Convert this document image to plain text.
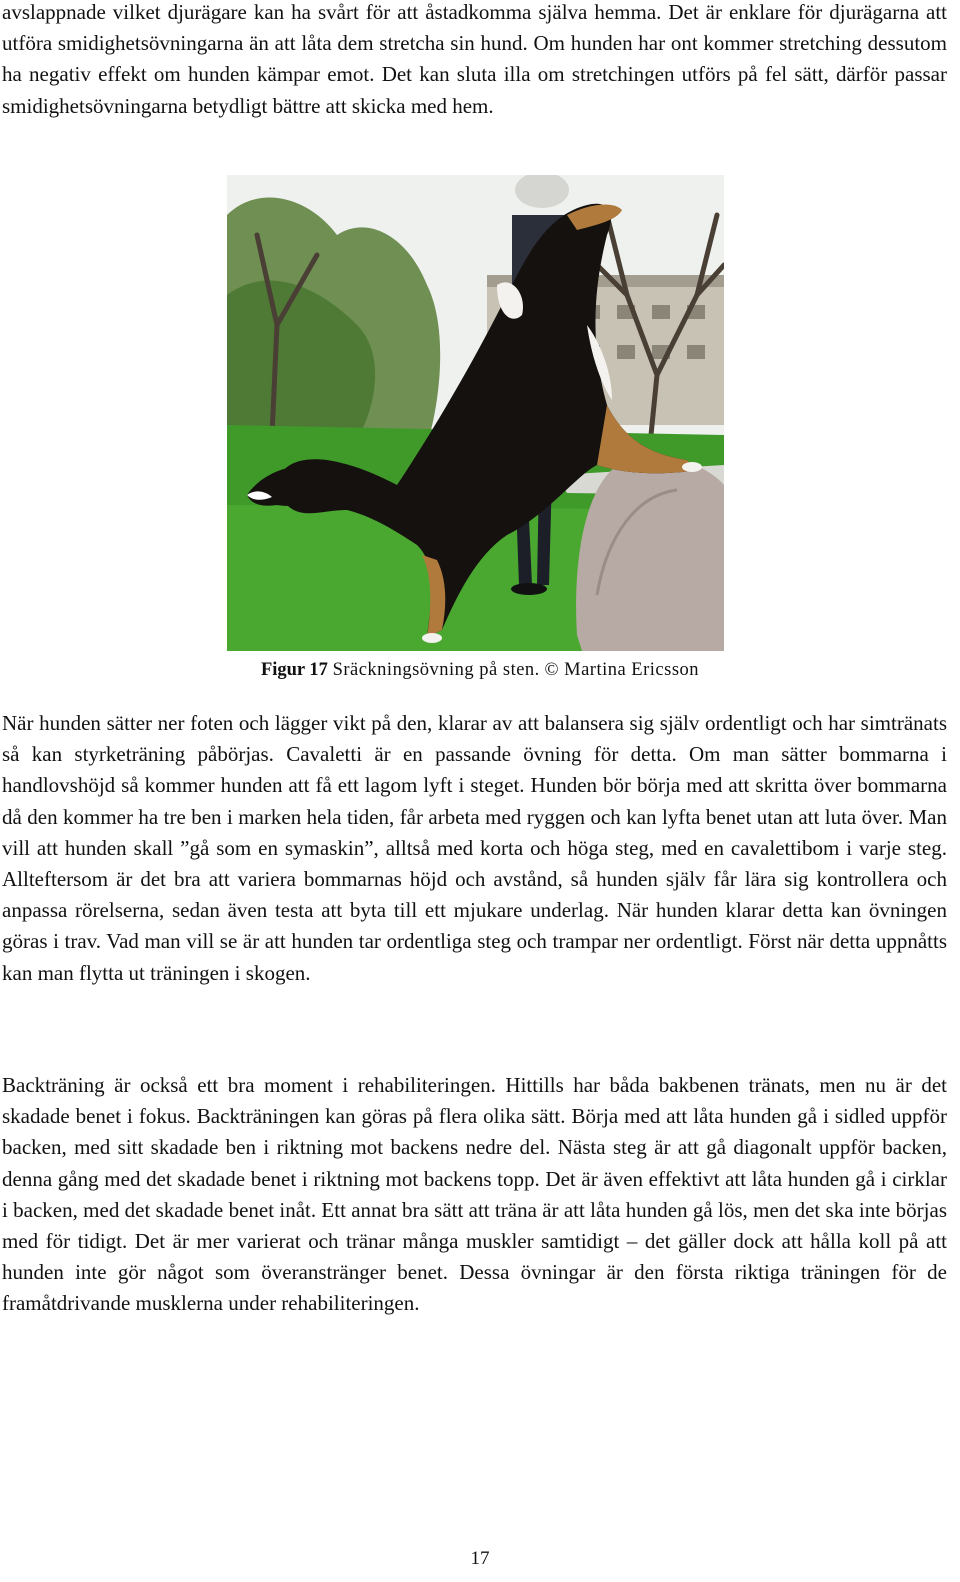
avslappnade vilket djurägare kan ha svårt för att åstadkomma själva hemma. Det är enklare för djurägarna att utföra smidighetsövningarna än att låta dem stretcha sin hund. Om hunden har ont kommer stretching dessutom ha negativ effekt om hunden kämpar emot. Det kan sluta illa om stretchingen utförs på fel sätt, därför passar smidighetsövningarna betydligt bättre att skicka med hem.

Figur 17 Sräckningsövning på sten. © Martina Ericsson

När hunden sätter ner foten och lägger vikt på den, klarar av att balansera sig själv ordentligt och har simtränats så kan styrketräning påbörjas. Cavaletti är en passande övning för detta. Om man sätter bommarna i handlovshöjd så kommer hunden att få ett lagom lyft i steget. Hunden bör börja med att skritta över bommarna då den kommer ha tre ben i marken hela tiden, får arbeta med ryggen och kan lyfta benet utan att luta över. Man vill att hunden skall ”gå som en symaskin”, alltså med korta och höga steg, med en cavalettibom i varje steg. Allteftersom är det bra att variera bommarnas höjd och avstånd, så hunden själv får lära sig kontrollera och anpassa rörelserna, sedan även testa att byta till ett mjukare underlag. När hunden klarar detta kan övningen göras i trav. Vad man vill se är att hunden tar ordentliga steg och trampar ner ordentligt. Först när detta uppnåtts kan man flytta ut träningen i skogen.

Backträning är också ett bra moment i rehabiliteringen. Hittills har båda bakbenen tränats, men nu är det skadade benet i fokus. Backträningen kan göras på flera olika sätt. Börja med att låta hunden gå i sidled uppför backen, med sitt skadade ben i riktning mot backens nedre del. Nästa steg är att gå diagonalt uppför backen, denna gång med det skadade benet i riktning mot backens topp. Det är även effektivt att låta hunden gå i cirklar i backen, med det skadade benet inåt. Ett annat bra sätt att träna är att låta hunden gå lös, men det ska inte börjas med för tidigt. Det är mer varierat och tränar många muskler samtidigt – det gäller dock att hålla koll på att hunden inte gör något som överanstränger benet. Dessa övningar är den första riktiga träningen för de framåtdrivande musklerna under rehabiliteringen.

17
